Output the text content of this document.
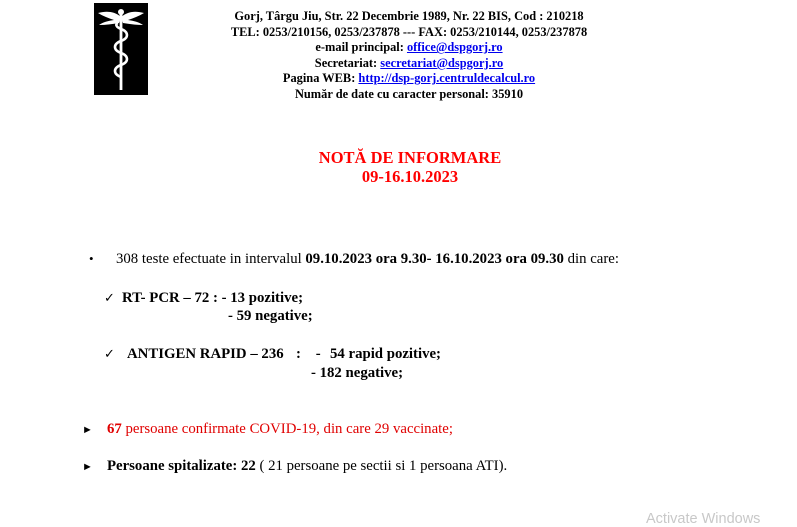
Gorj, Târgu Jiu, Str. 22 Decembrie 1989, Nr. 22 BIS, Cod : 210218
TEL: 0253/210156, 0253/237878 --- FAX: 0253/210144, 0253/237878
e-mail principal: office@dspgorj.ro
Secretariat: secretariat@dspgorj.ro
Pagina WEB: http://dsp-gorj.centruldecalcul.ro
Număr de date cu caracter personal: 35910
NOTĂ DE INFORMARE
09-16.10.2023
• 308 teste efectuate in intervalul 09.10.2023 ora 9.30- 16.10.2023 ora 09.30 din care:
✓ RT- PCR – 72 : - 13 pozitive;
- 59 negative;
✓ ANTIGEN RAPID – 236 :    - 54 rapid pozitive;
- 182 negative;
► 67 persoane confirmate COVID-19, din care 29 vaccinate;
► Persoane spitalizate: 22 ( 21 persoane pe sectii si 1 persoana ATI).
Activate Windows
